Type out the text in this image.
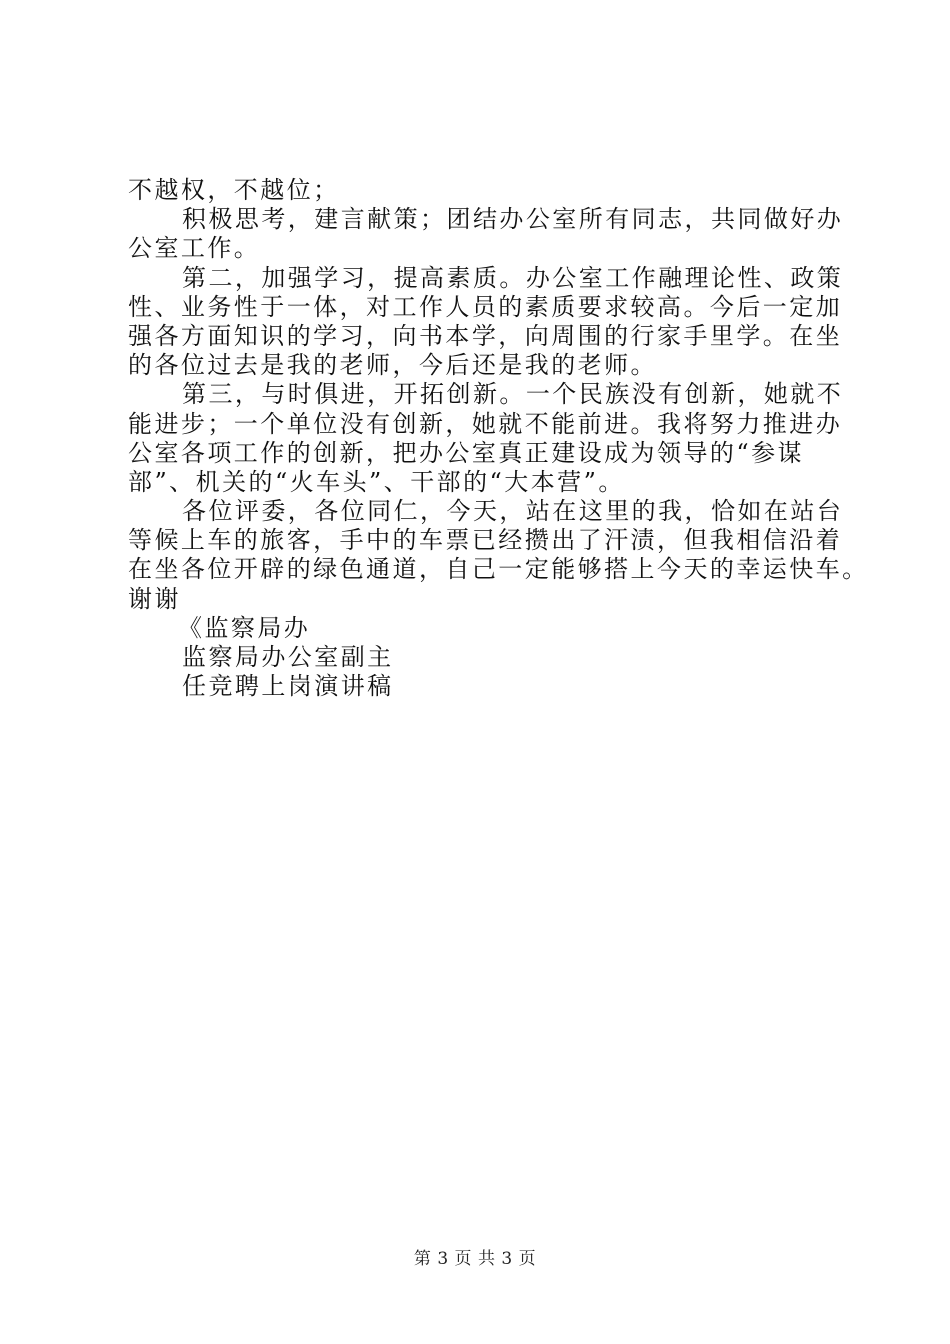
不越权，不越位；
积极思考，建言献策；团结办公室所有同志，共同做好办
公室工作。
第二，加强学习，提高素质。办公室工作融理论性、政策
性、业务性于一体，对工作人员的素质要求较高。今后一定加
强各方面知识的学习，向书本学，向周围的行家手里学。在坐
的各位过去是我的老师，今后还是我的老师。
第三，与时俱进，开拓创新。一个民族没有创新，她就不
能进步；一个单位没有创新，她就不能前进。我将努力推进办
公室各项工作的创新，把办公室真正建设成为领导的“参谋
部”、机关的“火车头”、干部的“大本营”。
各位评委，各位同仁，今天，站在这里的我，恰如在站台
等候上车的旅客，手中的车票已经攒出了汗渍，但我相信沿着
在坐各位开辟的绿色通道，自己一定能够搭上今天的幸运快车。
谢谢
《监察局办
监察局办公室副主
任竞聘上岗演讲稿
第 3 页 共 3 页
